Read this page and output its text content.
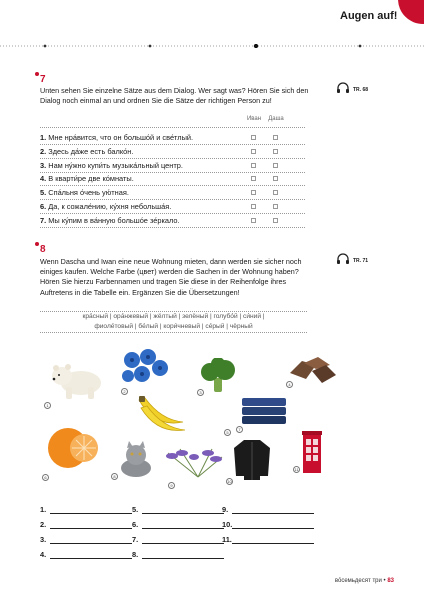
Augen auf!
7
Unten sehen Sie einzelne Sätze aus dem Dialog. Wer sagt was? Hören Sie sich den Dialog noch einmal an und ordnen Sie die Sätze der richtigen Person zu!
TR. 68
Иван Даша
1. Мне нра́вится, что он большо́й и све́тлый.
2. Здесь да́же есть балко́н.
3. Нам ну́жно купи́ть музыка́льный центр.
4. В кварти́ре две ко́мнаты.
5. Спа́льня о́чень ую́тная.
6. Да, к сожале́нию, ку́хня небольша́я.
7. Мы ку́пим в ва́нную большо́е зе́ркало.
8
Wenn Dascha und Iwan eine neue Wohnung mieten, dann werden sie sicher noch einiges kaufen. Welche Farbe (цвет) werden die Sachen in der Wohnung haben? Hören Sie hierzu Farbennamen und tragen Sie diese in der Reihenfolge ihres Auftretens in die Tabelle ein. Ergänzen Sie die Übersetzungen!
TR. 71
кра́сный | ора́нжевый | жёлтый | зелёный | голубо́й | си́ний |
фиоле́товый | бе́лый | кори́чневый | се́рый | чёрный
1
2	3
4
5
8
9
10
7
11
6
1.
2.
3.
4.
5.
6.
7.
8.
9.
10.
11.
во́семьдесят три • 83
